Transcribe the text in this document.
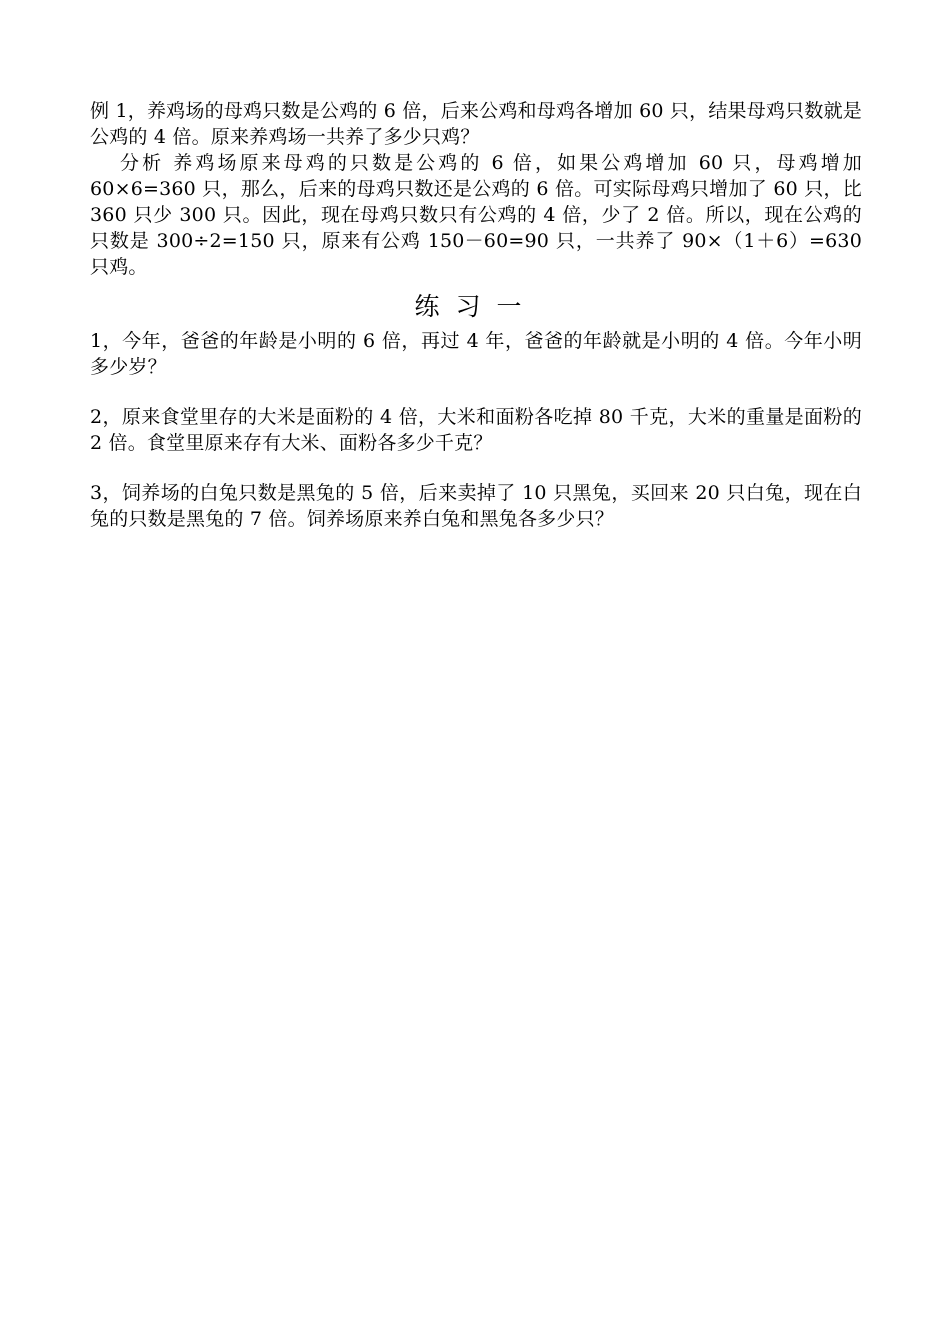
例 1，养鸡场的母鸡只数是公鸡的 6 倍，后来公鸡和母鸡各增加 60 只，结果母鸡只数就是公鸡的 4 倍。原来养鸡场一共养了多少只鸡？

分析 养鸡场原来母鸡的只数是公鸡的 6 倍，如果公鸡增加 60 只，母鸡增加 60×6=360 只，那么，后来的母鸡只数还是公鸡的 6 倍。可实际母鸡只增加了 60 只，比 360 只少 300 只。因此，现在母鸡只数只有公鸡的 4 倍，少了 2 倍。所以，现在公鸡的只数是 300÷2=150 只，原来有公鸡 150－60=90 只，一共养了 90×（1＋6）=630 只鸡。

练习一

1，今年，爸爸的年龄是小明的 6 倍，再过 4 年，爸爸的年龄就是小明的 4 倍。今年小明多少岁？

2，原来食堂里存的大米是面粉的 4 倍，大米和面粉各吃掉 80 千克，大米的重量是面粉的 2 倍。食堂里原来存有大米、面粉各多少千克？

3，饲养场的白兔只数是黑兔的 5 倍，后来卖掉了 10 只黑兔，买回来 20 只白兔，现在白兔的只数是黑兔的 7 倍。饲养场原来养白兔和黑兔各多少只？
